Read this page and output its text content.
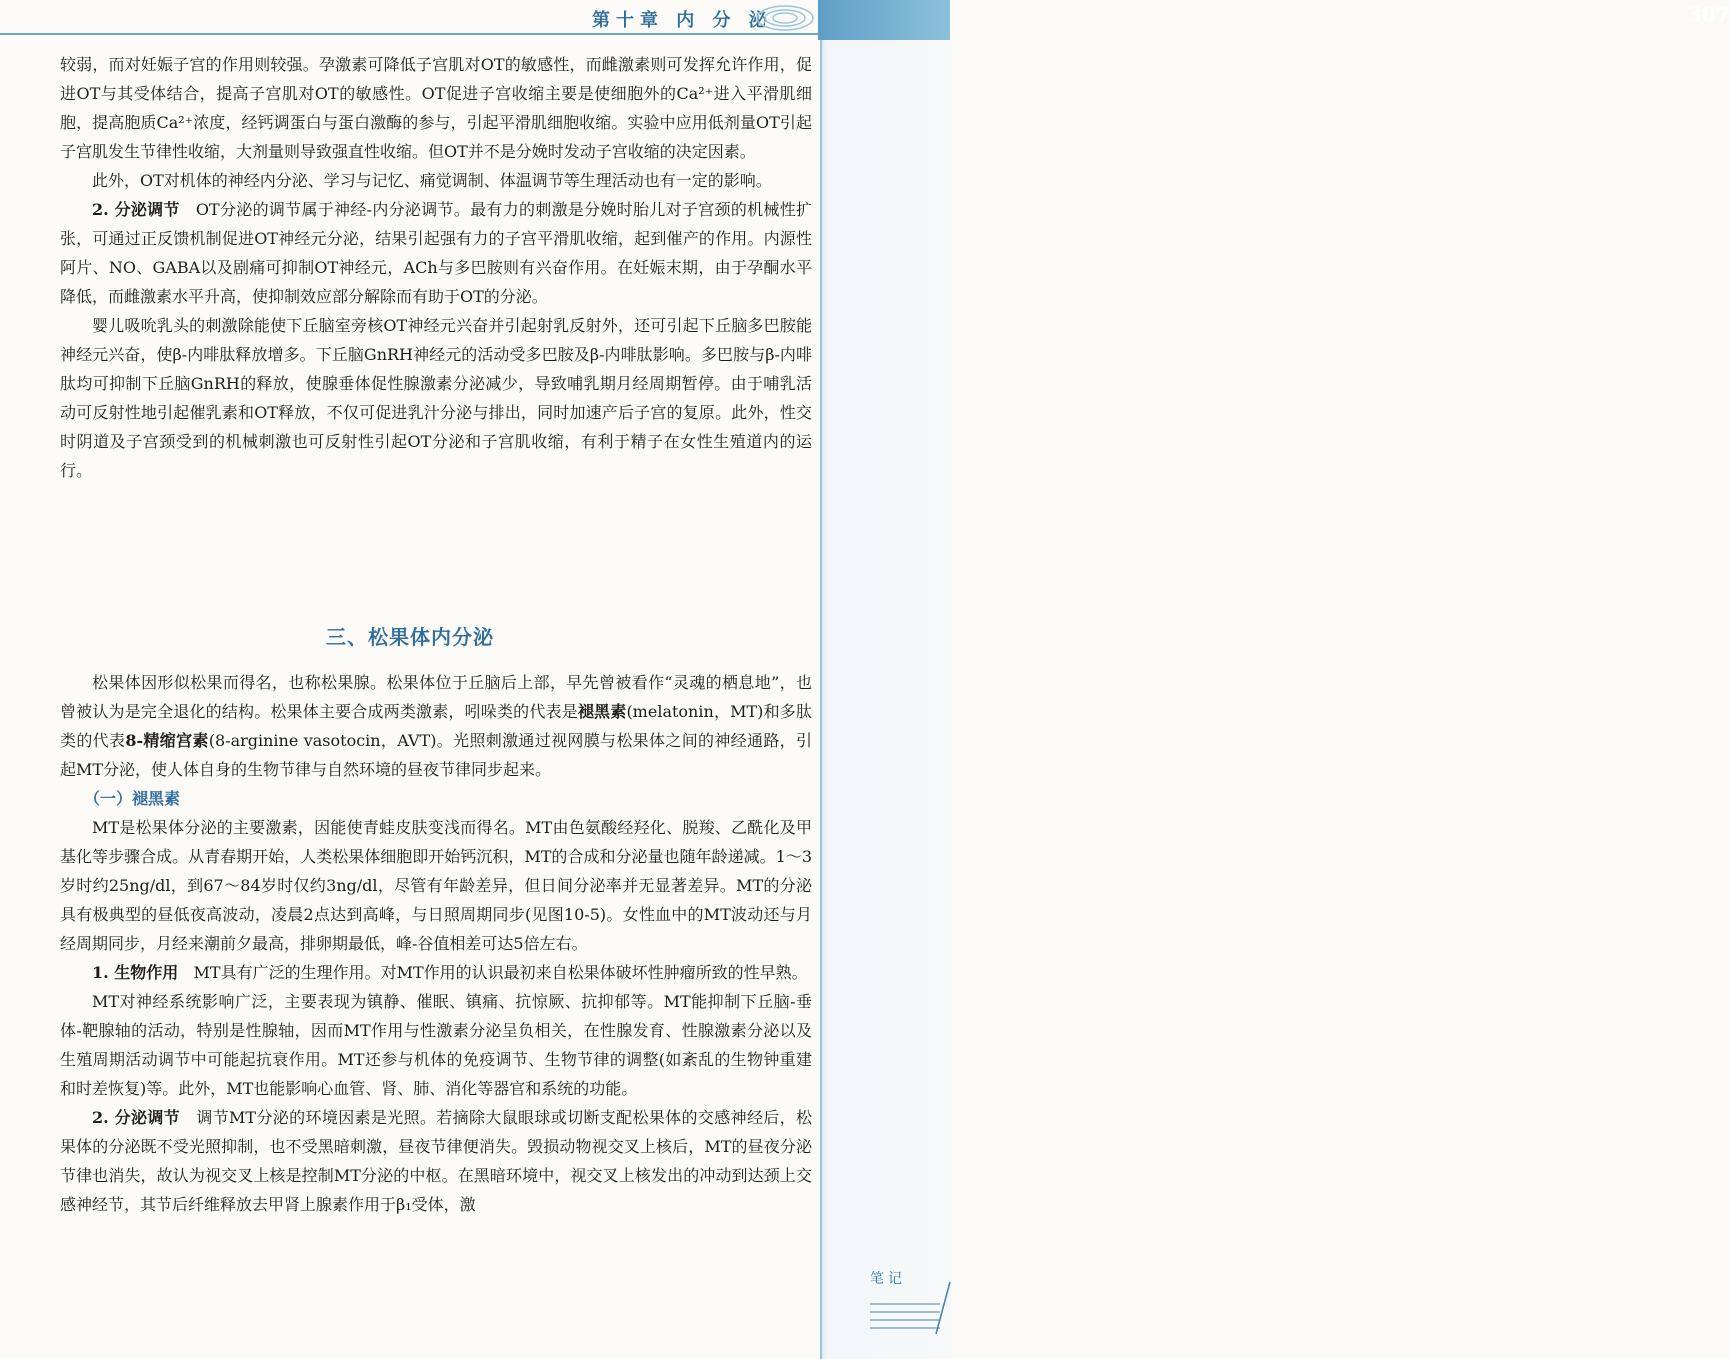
第十章 内 分 泌	387

较弱，而对妊娠子宫的作用则较强。孕激素可降低子宫肌对OT的敏感性，而雌激素则可发挥允许作用，促进OT与其受体结合，提高子宫肌对OT的敏感性。OT促进子宫收缩主要是使细胞外的Ca²⁺进入平滑肌细胞，提高胞质Ca²⁺浓度，经钙调蛋白与蛋白激酶的参与，引起平滑肌细胞收缩。实验中应用低剂量OT引起子宫肌发生节律性收缩，大剂量则导致强直性收缩。但OT并不是分娩时发动子宫收缩的决定因素。

此外，OT对机体的神经内分泌、学习与记忆、痛觉调制、体温调节等生理活动也有一定的影响。

2. 分泌调节 OT分泌的调节属于神经-内分泌调节。最有力的刺激是分娩时胎儿对子宫颈的机械性扩张，可通过正反馈机制促进OT神经元分泌，结果引起强有力的子宫平滑肌收缩，起到催产的作用。内源性阿片、NO、GABA以及剧痛可抑制OT神经元，ACh与多巴胺则有兴奋作用。在妊娠末期，由于孕酮水平降低，而雌激素水平升高，使抑制效应部分解除而有助于OT的分泌。

婴儿吸吮乳头的刺激除能使下丘脑室旁核OT神经元兴奋并引起射乳反射外，还可引起下丘脑多巴胺能神经元兴奋，使β-内啡肽释放增多。下丘脑GnRH神经元的活动受多巴胺及β-内啡肽影响。多巴胺与β-内啡肽均可抑制下丘脑GnRH的释放，使腺垂体促性腺激素分泌减少，导致哺乳期月经周期暂停。由于哺乳活动可反射性地引起催乳素和OT释放，不仅可促进乳汁分泌与排出，同时加速产后子宫的复原。此外，性交时阴道及子宫颈受到的机械刺激也可反射性引起OT分泌和子宫肌收缩，有利于精子在女性生殖道内的运行。

三、松果体内分泌

松果体因形似松果而得名，也称松果腺。松果体位于丘脑后上部，早先曾被看作“灵魂的栖息地”，也曾被认为是完全退化的结构。松果体主要合成两类激素，吲哚类的代表是褪黑素(melatonin，MT)和多肽类的代表8-精缩宫素(8-arginine vasotocin，AVT)。光照刺激通过视网膜与松果体之间的神经通路，引起MT分泌，使人体自身的生物节律与自然环境的昼夜节律同步起来。

（一）褪黑素

MT是松果体分泌的主要激素，因能使青蛙皮肤变浅而得名。MT由色氨酸经羟化、脱羧、乙酰化及甲基化等步骤合成。从青春期开始，人类松果体细胞即开始钙沉积，MT的合成和分泌量也随年龄递减。1～3岁时约25ng/dl，到67～84岁时仅约3ng/dl，尽管有年龄差异，但日间分泌率并无显著差异。MT的分泌具有极典型的昼低夜高波动，凌晨2点达到高峰，与日照周期同步(见图10-5)。女性血中的MT波动还与月经周期同步，月经来潮前夕最高，排卵期最低，峰-谷值相差可达5倍左右。

1. 生物作用 MT具有广泛的生理作用。对MT作用的认识最初来自松果体破坏性肿瘤所致的性早熟。

MT对神经系统影响广泛，主要表现为镇静、催眠、镇痛、抗惊厥、抗抑郁等。MT能抑制下丘脑-垂体-靶腺轴的活动，特别是性腺轴，因而MT作用与性激素分泌呈负相关，在性腺发育、性腺激素分泌以及生殖周期活动调节中可能起抗衰作用。MT还参与机体的免疫调节、生物节律的调整(如紊乱的生物钟重建和时差恢复)等。此外，MT也能影响心血管、肾、肺、消化等器官和系统的功能。

2. 分泌调节 调节MT分泌的环境因素是光照。若摘除大鼠眼球或切断支配松果体的交感神经后，松果体的分泌既不受光照抑制，也不受黑暗刺激，昼夜节律便消失。毁损动物视交叉上核后，MT的昼夜分泌节律也消失，故认为视交叉上核是控制MT分泌的中枢。在黑暗环境中，视交叉上核发出的冲动到达颈上交感神经节，其节后纤维释放去甲肾上腺素作用于β₁受体，激

笔记
